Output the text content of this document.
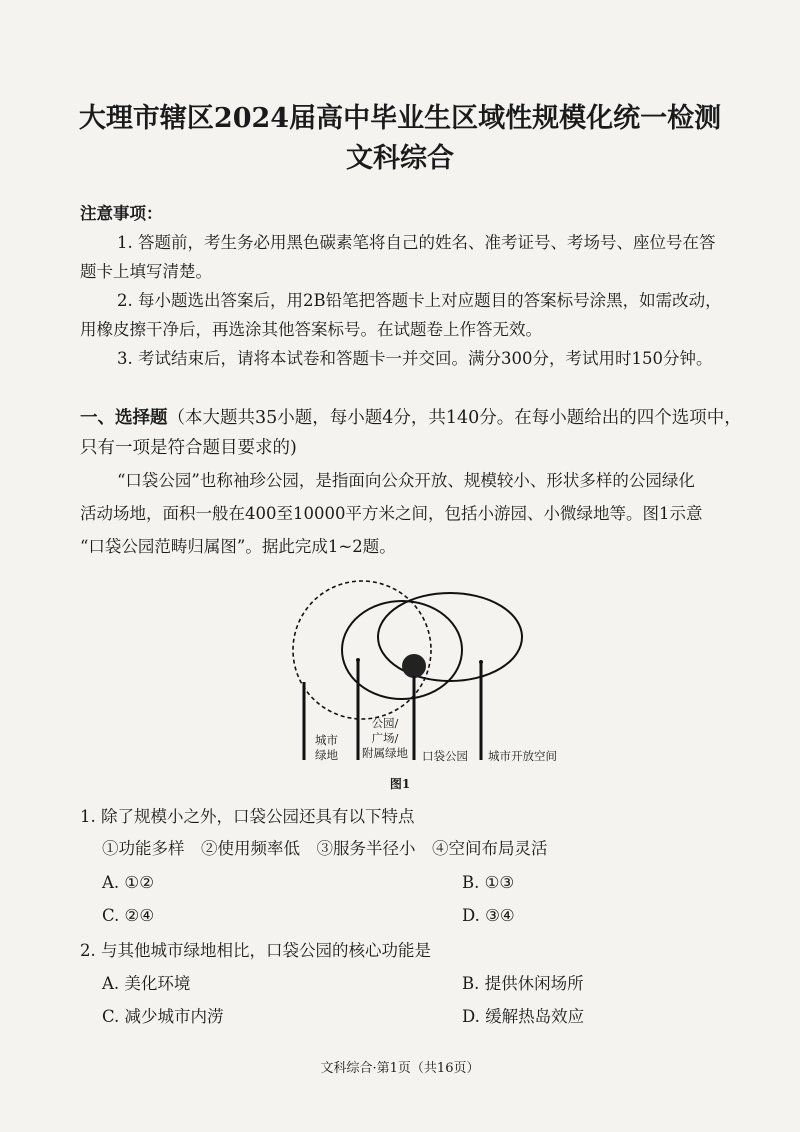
大理市辖区2024届高中毕业生区域性规模化统一检测
文科综合
注意事项：
1. 答题前，考生务必用黑色碳素笔将自己的姓名、准考证号、考场号、座位号在答
题卡上填写清楚。
2. 每小题选出答案后，用2B铅笔把答题卡上对应题目的答案标号涂黑，如需改动，
用橡皮擦干净后，再选涂其他答案标号。在试题卷上作答无效。
3. 考试结束后，请将本试卷和答题卡一并交回。满分300分，考试用时150分钟。
一、选择题（本大题共35小题，每小题4分，共140分。在每小题给出的四个选项中，
只有一项是符合题目要求的)
“口袋公园”也称袖珍公园，是指面向公众开放、规模较小、形状多样的公园绿化
活动场地，面积一般在400至10000平方米之间，包括小游园、小微绿地等。图1示意
“口袋公园范畴归属图”。据此完成1~2题。
城市
绿地
公园/
广场/
附属绿地 口袋公园 城市开放空间
图1
1. 除了规模小之外，口袋公园还具有以下特点
①功能多样　②使用频率低　③服务半径小　④空间布局灵活
A. ①②	B. ①③
C. ②④	D. ③④
2. 与其他城市绿地相比，口袋公园的核心功能是
A. 美化环境	B. 提供休闲场所
C. 减少城市内涝	D. 缓解热岛效应
文科综合·第1页（共16页）
